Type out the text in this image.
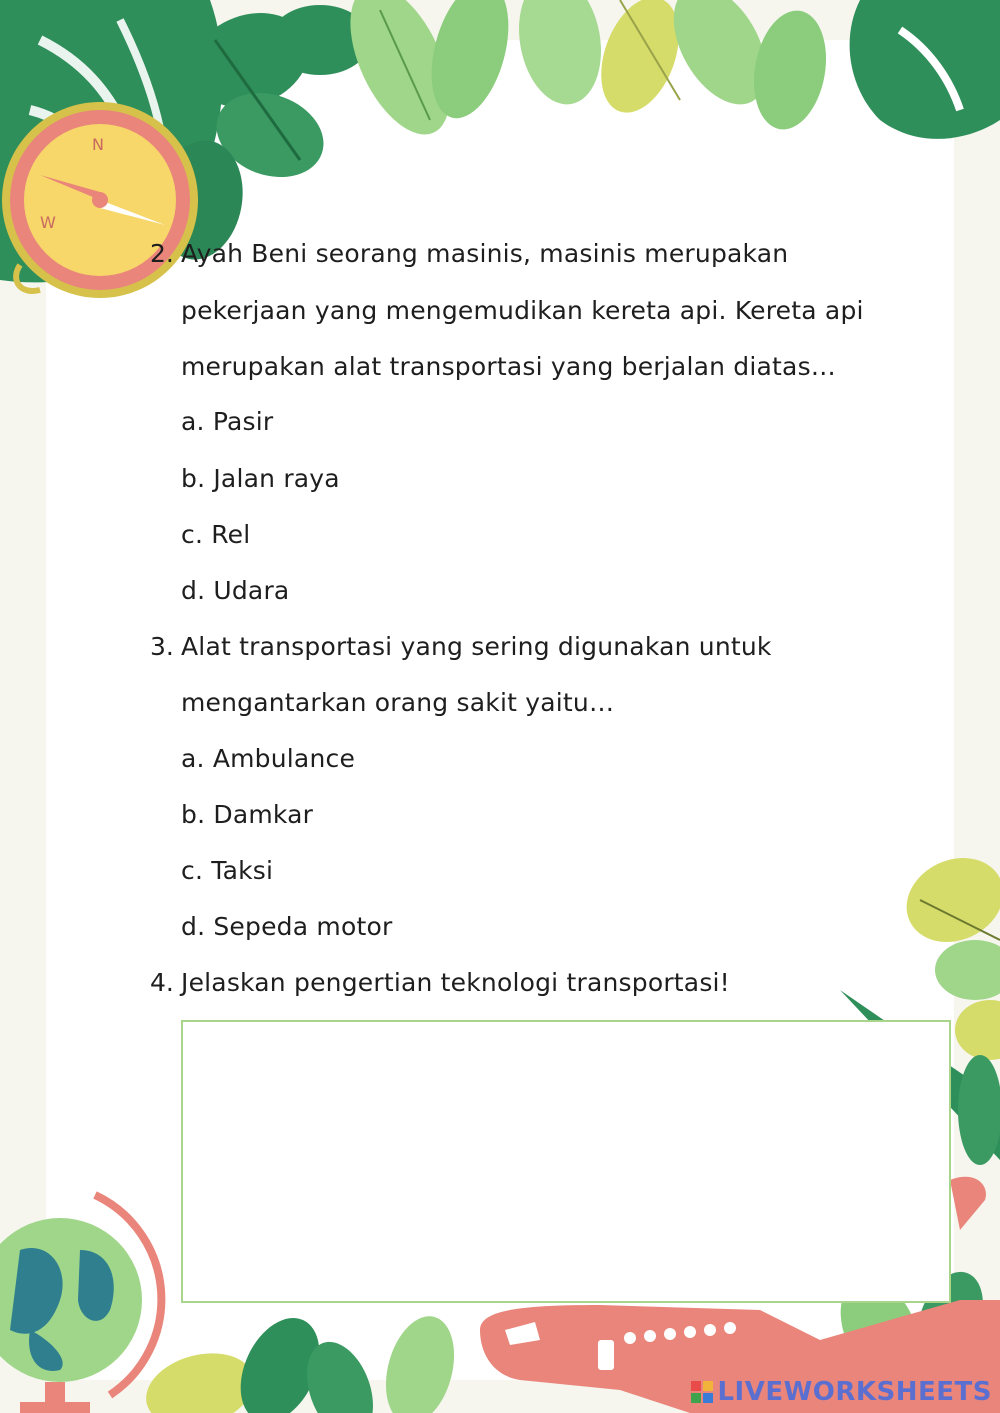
W
N
2. Ayah Beni seorang masinis, masinis merupakan
pekerjaan yang mengemudikan kereta api. Kereta api
merupakan alat transportasi yang berjalan diatas…
a. Pasir
b. Jalan raya
c. Rel
d. Udara
3. Alat transportasi yang sering digunakan untuk
mengantarkan orang sakit yaitu…
a. Ambulance
b. Damkar
c. Taksi
d. Sepeda motor
4. Jelaskan pengertian teknologi transportasi!
LIVEWORKSHEETS
